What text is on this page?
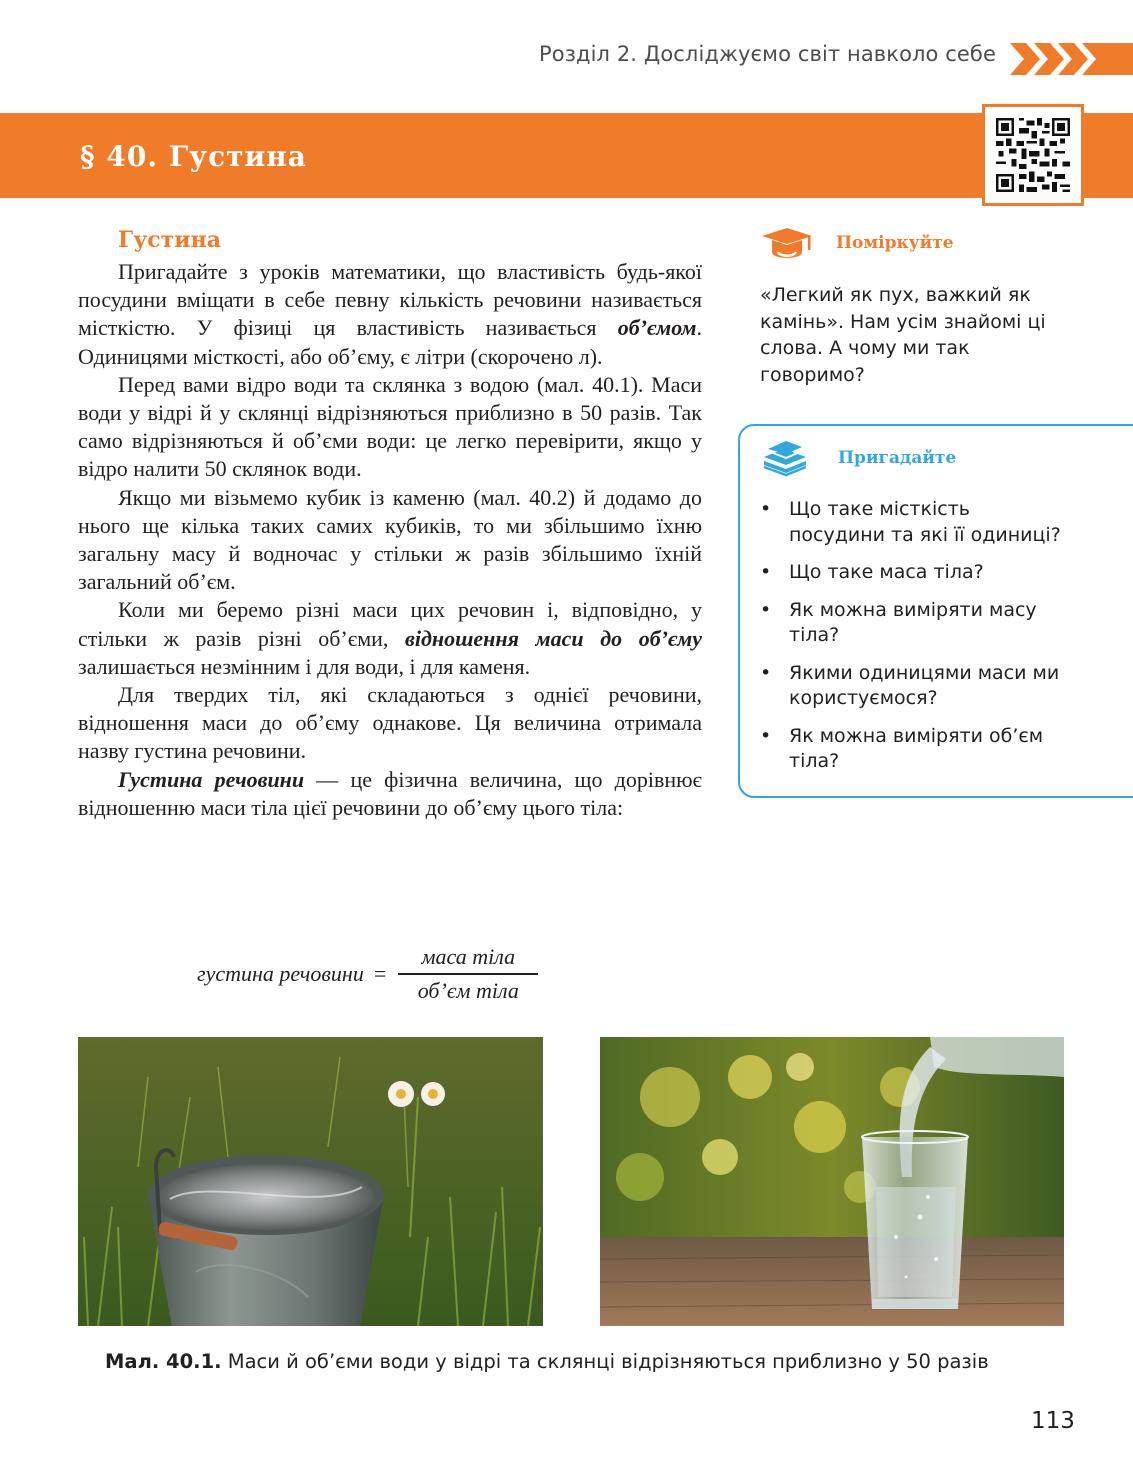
Розділ 2. Досліджуємо світ навколо себе
§ 40. Густина
Густина

Пригадайте з уроків математики, що властивість будь-якої посудини вміщати в себе певну кількість речовини називається місткістю. У фізиці ця властивість називається об’ємом. Одиницями місткості, або об’єму, є літри (скорочено л).

Перед вами відро води та склянка з водою (мал. 40.1). Маси води у відрі й у склянці відрізняються приблизно в 50 разів. Так само відрізняються й об’єми води: це легко перевірити, якщо у відро налити 50 склянок води.

Якщо ми візьмемо кубик із каменю (мал. 40.2) й додамо до нього ще кілька таких самих кубиків, то ми збільшимо їхню загальну масу й водночас у стільки ж разів збільшимо їхній загальний об’єм.

Коли ми беремо різні маси цих речовин і, відповідно, у стільки ж разів різні об’єми, відношення маси до об’єму залишається незмінним і для води, і для каменя.

Для твердих тіл, які складаються з однієї речовини, відношення маси до об’єму однакове. Ця величина отримала назву густина речовини.

Густина речовини — це фізична величина, що дорівнює відношенню маси тіла цієї речовини до об’єму цього тіла:

густина речовини = $\frac{\text{маса тіла}}{\text{об’єм тіла}}$
Поміркуйте
«Легкий як пух, важкий як камінь». Нам усім знайомі ці слова. А чому ми так говоримо?
Пригадайте
• Що таке місткість посудини та які її одиниці?
• Що таке маса тіла?
• Як можна виміряти масу тіла?
• Якими одиницями маси ми користуємося?
• Як можна виміряти об’єм тіла?
Мал. 40.1. Маси й об’єми води у відрі та склянці відрізняються приблизно у 50 разів
113
